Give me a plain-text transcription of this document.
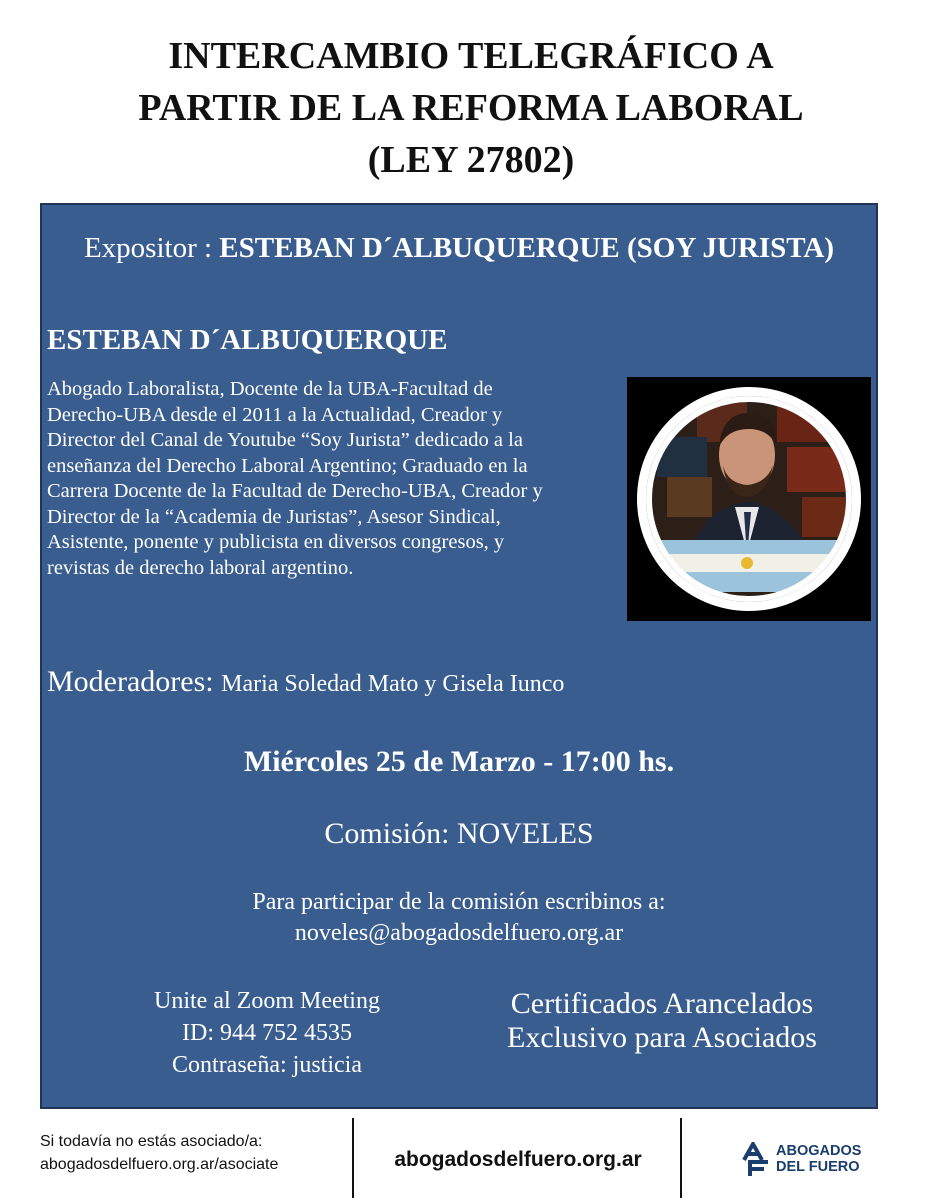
INTERCAMBIO TELEGRÁFICO A
PARTIR DE LA REFORMA LABORAL
(LEY 27802)
Expositor : ESTEBAN D´ALBUQUERQUE (SOY JURISTA)
ESTEBAN D´ALBUQUERQUE
Abogado Laboralista, Docente de la UBA-Facultad de
Derecho-UBA desde el 2011 a la Actualidad, Creador y
Director del Canal de Youtube “Soy Jurista” dedicado a la
enseñanza del Derecho Laboral Argentino; Graduado en la
Carrera Docente de la Facultad de Derecho-UBA, Creador y
Director de la “Academia de Juristas”, Asesor Sindical,
Asistente, ponente y publicista en diversos congresos, y
revistas de derecho laboral argentino.
Moderadores: Maria Soledad Mato y Gisela Iunco
Miércoles 25 de Marzo - 17:00 hs.
Comisión: NOVELES
Para participar de la comisión escribinos a:
noveles@abogadosdelfuero.org.ar
Unite al Zoom Meeting
ID: 944 752 4535
Contraseña: justicia
Certificados Arancelados
Exclusivo para Asociados
Si todavía no estás asociado/a:
abogadosdelfuero.org.ar/asociate	abogadosdelfuero.org.ar	ABOGADOS
DEL FUERO
